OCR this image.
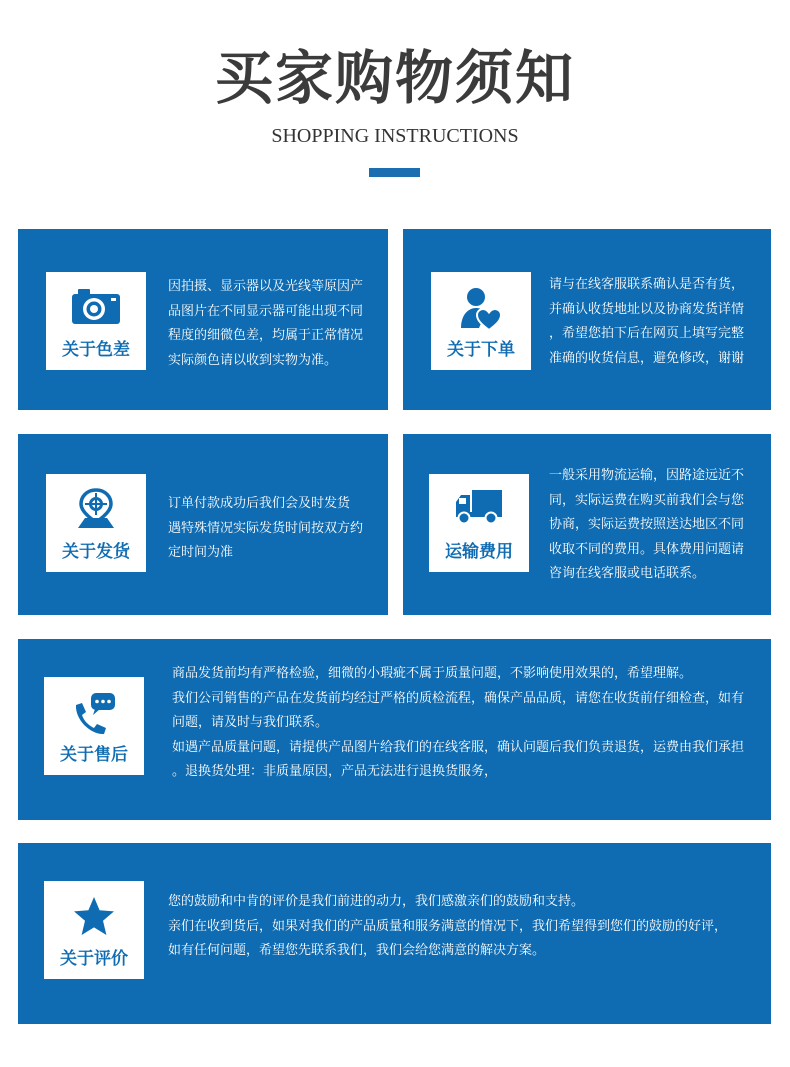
买家购物须知
SHOPPING INSTRUCTIONS
关于色差

因拍摄、显示器以及光线等原因产

品图片在不同显示器可能出现不同

程度的细微色差，均属于正常情况

实际颜色请以收到实物为准。	关于下单

请与在线客服联系确认是否有货，

并确认收货地址以及协商发货详情

，希望您拍下后在网页上填写完整

准确的收货信息，避免修改，谢谢

关于发货

订单付款成功后我们会及时发货

遇特殊情况实际发货时间按双方约

定时间为准	运输费用

一般采用物流运输，因路途远近不

同，实际运费在购买前我们会与您

协商，实际运费按照送达地区不同

收取不同的费用。具体费用问题请

咨询在线客服或电话联系。

关于售后

商品发货前均有严格检验，细微的小瑕疵不属于质量问题，不影响使用效果的，希望理解。

我们公司销售的产品在发货前均经过严格的质检流程，确保产品品质，请您在收货前仔细检查，如有

问题，请及时与我们联系。

如遇产品质量问题，请提供产品图片给我们的在线客服，确认问题后我们负责退货，运费由我们承担

。退换货处理：非质量原因，产品无法进行退换货服务，

关于评价

您的鼓励和中肯的评价是我们前进的动力，我们感激亲们的鼓励和支持。

亲们在收到货后，如果对我们的产品质量和服务满意的情况下，我们希望得到您们的鼓励的好评，

如有任何问题，希望您先联系我们，我们会给您满意的解决方案。
